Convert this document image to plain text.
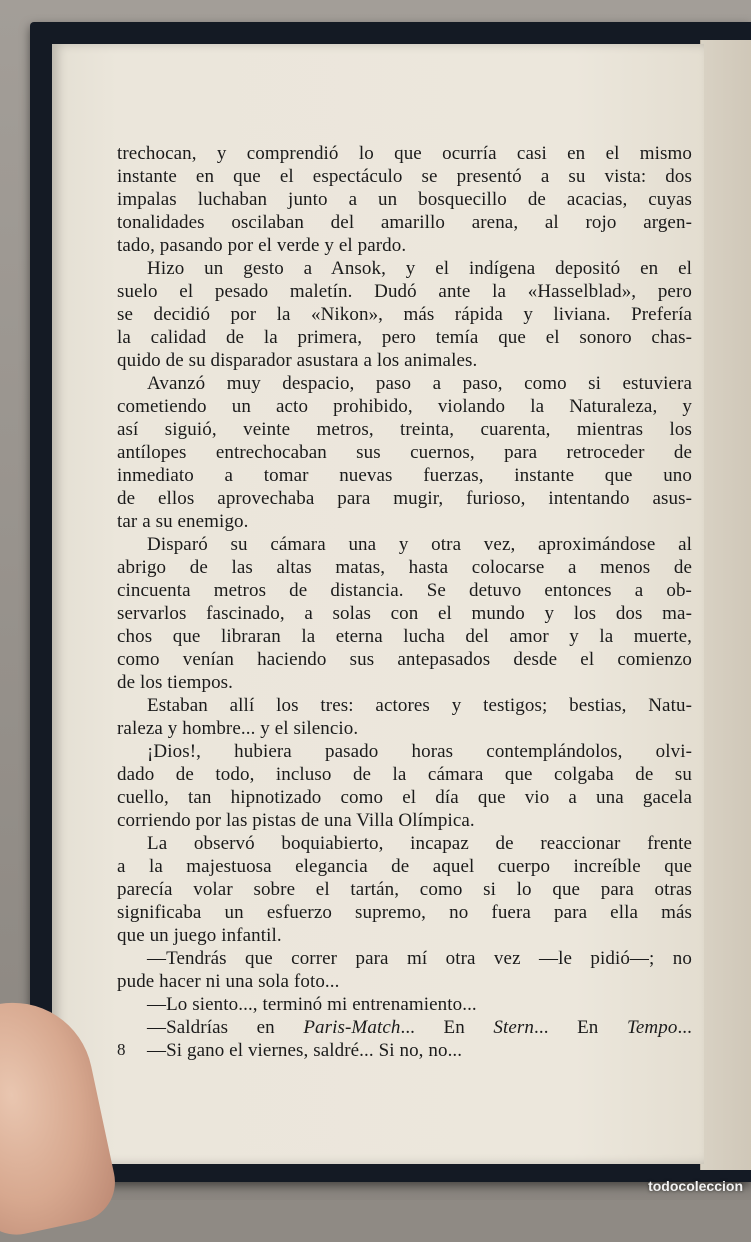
trechocan, y comprendió lo que ocurría casi en el mismo
instante en que el espectáculo se presentó a su vista: dos
impalas luchaban junto a un bosquecillo de acacias, cuyas
tonalidades oscilaban del amarillo arena, al rojo argen-
tado, pasando por el verde y el pardo.
Hizo un gesto a Ansok, y el indígena depositó en el
suelo el pesado maletín. Dudó ante la «Hasselblad», pero
se decidió por la «Nikon», más rápida y liviana. Prefería
la calidad de la primera, pero temía que el sonoro chas-
quido de su disparador asustara a los animales.
Avanzó muy despacio, paso a paso, como si estuviera
cometiendo un acto prohibido, violando la Naturaleza, y
así siguió, veinte metros, treinta, cuarenta, mientras los
antílopes entrechocaban sus cuernos, para retroceder de
inmediato a tomar nuevas fuerzas, instante que uno
de ellos aprovechaba para mugir, furioso, intentando asus-
tar a su enemigo.
Disparó su cámara una y otra vez, aproximándose al
abrigo de las altas matas, hasta colocarse a menos de
cincuenta metros de distancia. Se detuvo entonces a ob-
servarlos fascinado, a solas con el mundo y los dos ma-
chos que libraran la eterna lucha del amor y la muerte,
como venían haciendo sus antepasados desde el comienzo
de los tiempos.
Estaban allí los tres: actores y testigos; bestias, Natu-
raleza y hombre... y el silencio.
¡Dios!, hubiera pasado horas contemplándolos, olvi-
dado de todo, incluso de la cámara que colgaba de su
cuello, tan hipnotizado como el día que vio a una gacela
corriendo por las pistas de una Villa Olímpica.
La observó boquiabierto, incapaz de reaccionar frente
a la majestuosa elegancia de aquel cuerpo increíble que
parecía volar sobre el tartán, como si lo que para otras
significaba un esfuerzo supremo, no fuera para ella más
que un juego infantil.
—Tendrás que correr para mí otra vez —le pidió—; no
pude hacer ni una sola foto...
—Lo siento..., terminó mi entrenamiento...
—Saldrías en Paris-Match... En Stern... En Tempo...
—Si gano el viernes, saldré... Si no, no...
8
todocoleccion
